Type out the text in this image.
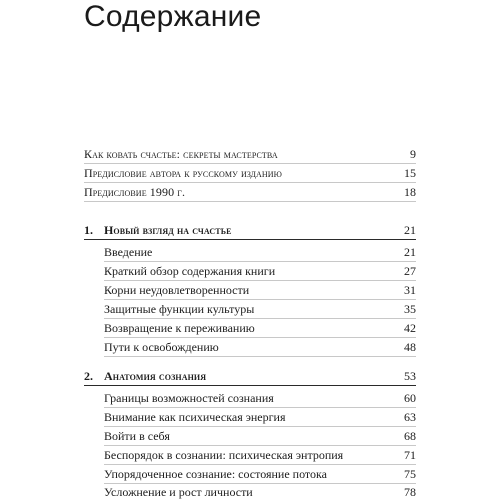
Содержание
Как ковать счастье: секреты мастерства	9
Предисловие автора к русскому изданию	15
Предисловие 1990 г.	18
1. Новый взгляд на счастье	21
Введение	21
Краткий обзор содержания книги	27
Корни неудовлетворенности	31
Защитные функции культуры	35
Возвращение к переживанию	42
Пути к освобождению	48
2. Анатомия сознания	53
Границы возможностей сознания	60
Внимание как психическая энергия	63
Войти в себя	68
Беспорядок в сознании: психическая энтропия	71
Упорядоченное сознание: состояние потока	75
Усложнение и рост личности	78
